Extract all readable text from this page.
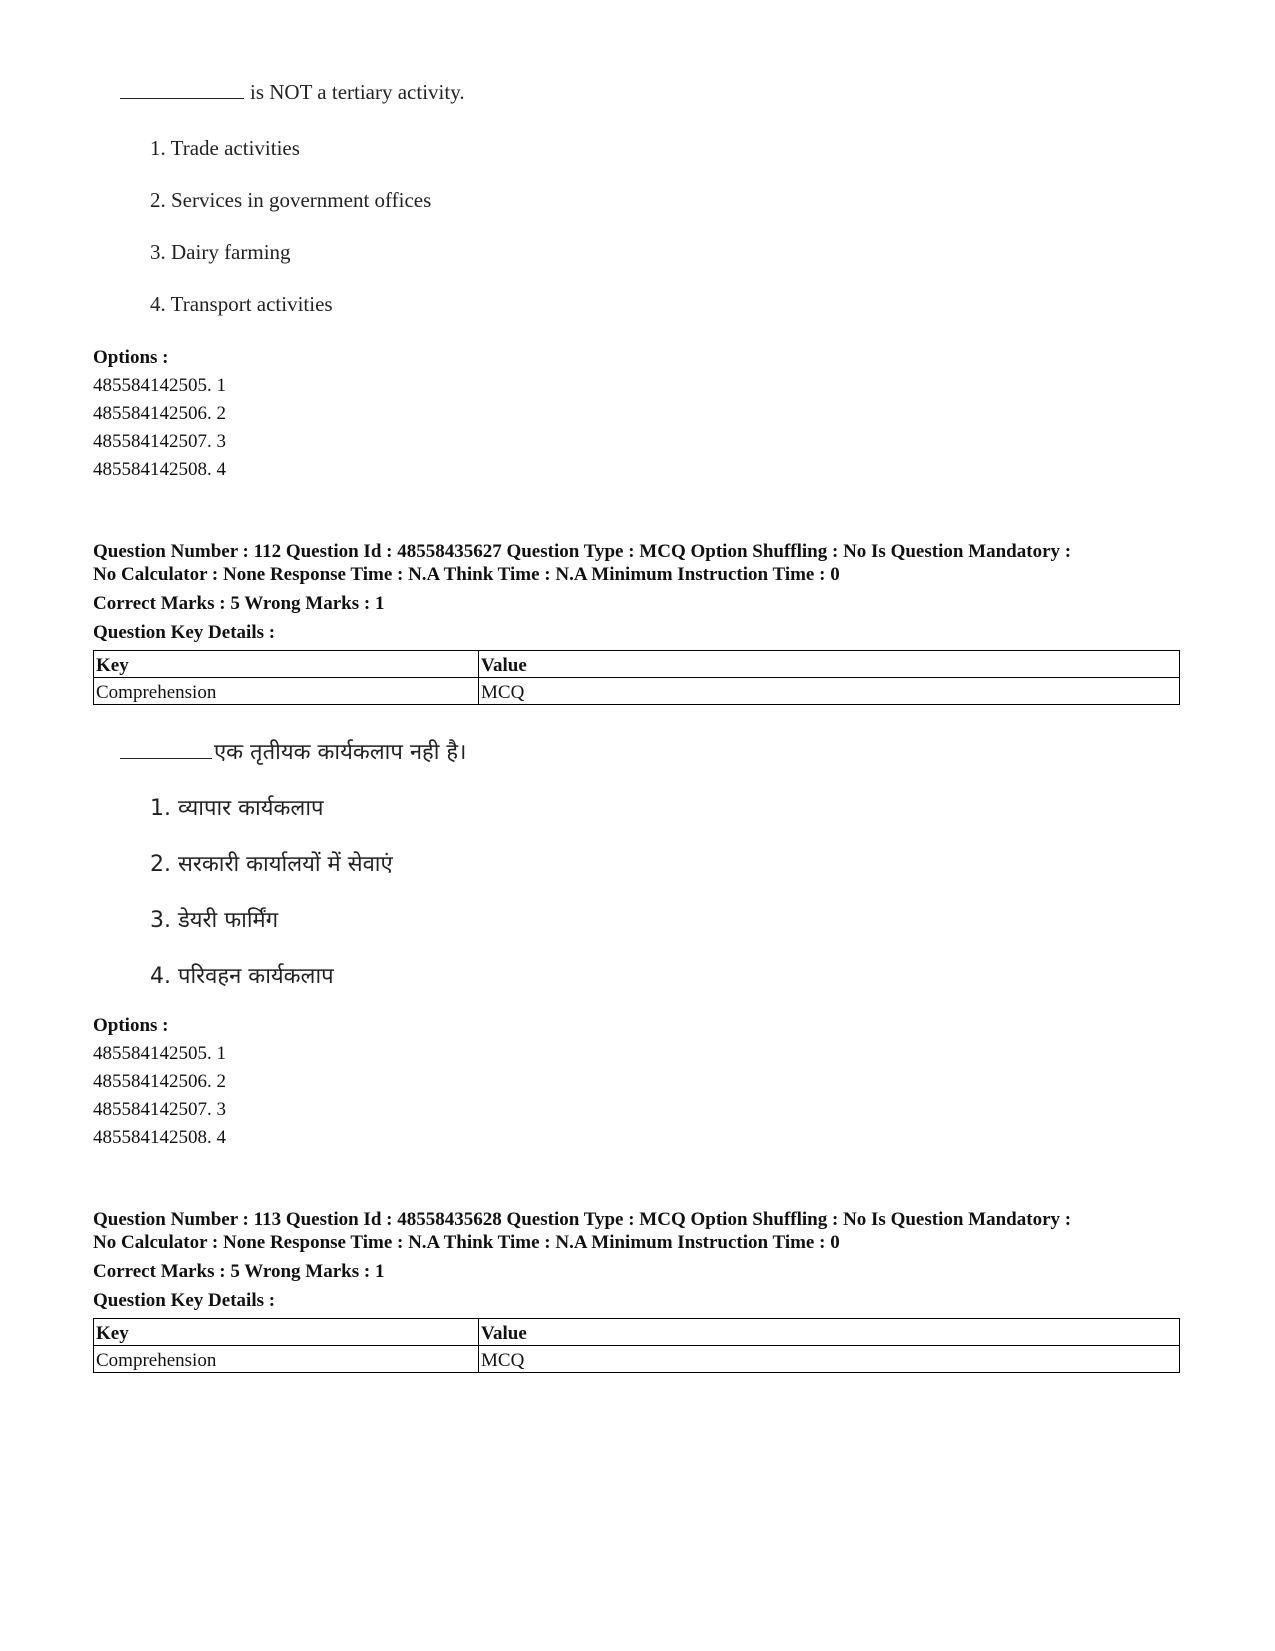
is NOT a tertiary activity.
1. Trade activities
2. Services in government offices
3. Dairy farming
4. Transport activities
Options :
485584142505. 1
485584142506. 2
485584142507. 3
485584142508. 4
Question Number : 112 Question Id : 48558435627 Question Type : MCQ Option Shuffling : No Is Question Mandatory :
No Calculator : None Response Time : N.A Think Time : N.A Minimum Instruction Time : 0
Correct Marks : 5 Wrong Marks : 1
Question Key Details :
Key	Value
Comprehension	MCQ
एक तृतीयक कार्यकलाप नही है।
1. व्यापार कार्यकलाप
2. सरकारी कार्यालयों में सेवाएं
3. डेयरी फार्मिंग
4. परिवहन कार्यकलाप
Options :
485584142505. 1
485584142506. 2
485584142507. 3
485584142508. 4
Question Number : 113 Question Id : 48558435628 Question Type : MCQ Option Shuffling : No Is Question Mandatory :
No Calculator : None Response Time : N.A Think Time : N.A Minimum Instruction Time : 0
Correct Marks : 5 Wrong Marks : 1
Question Key Details :
Key	Value
Comprehension	MCQ
